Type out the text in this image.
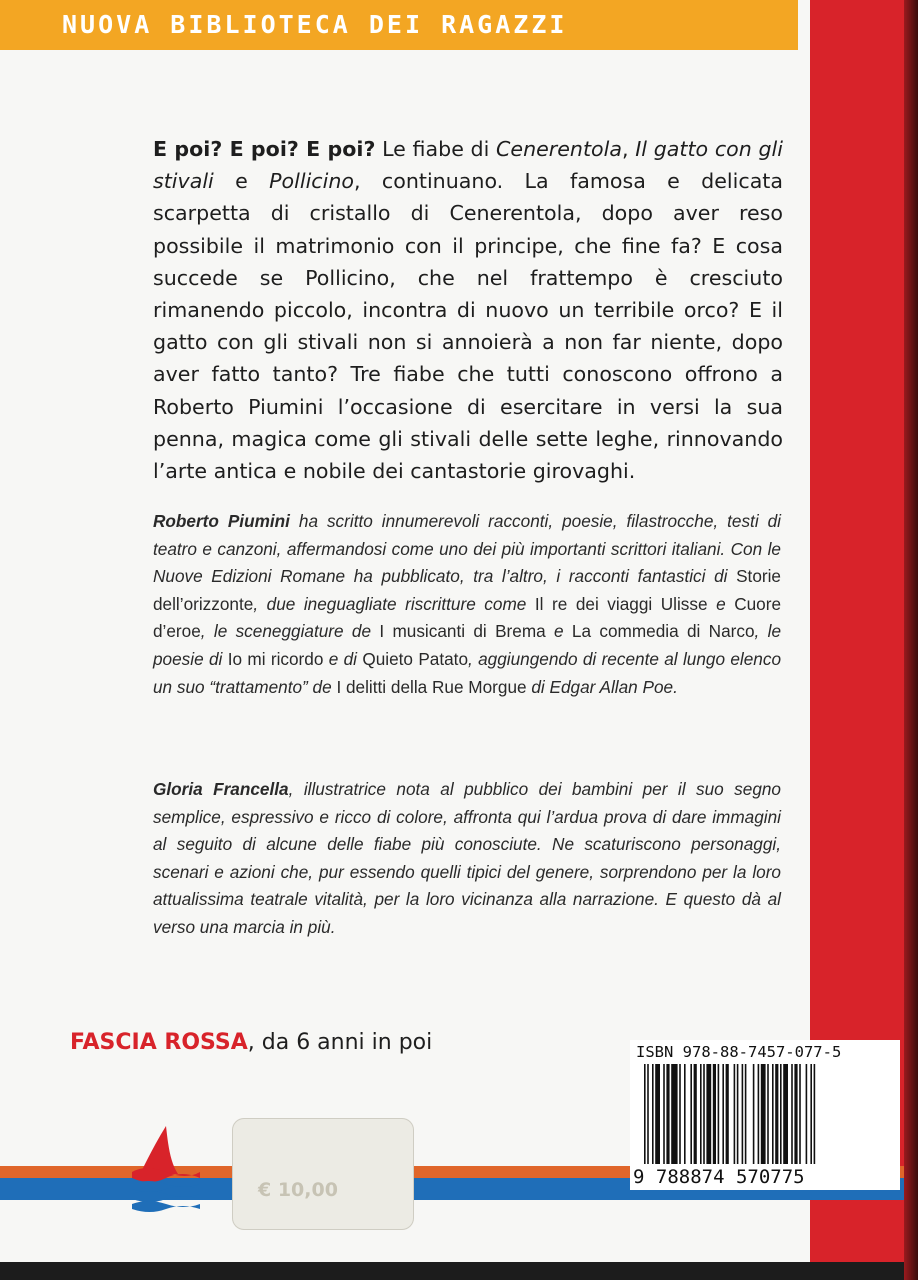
NUOVA BIBLIOTECA DEI RAGAZZI
E poi? E poi? E poi? Le fiabe di Cenerentola, Il gatto con gli stivali e Pollicino, continuano. La famosa e delicata scarpetta di cristallo di Cenerentola, dopo aver reso possibile il matrimonio con il principe, che fine fa? E cosa succede se Pollicino, che nel frattempo è cresciuto rimanendo piccolo, incontra di nuovo un terribile orco? E il gatto con gli stivali non si annoierà a non far niente, dopo aver fatto tanto? Tre fiabe che tutti conoscono offrono a Roberto Piumini l’occasione di esercitare in versi la sua penna, magica come gli stivali delle sette leghe, rinnovando l’arte antica e nobile dei cantastorie girovaghi.
Roberto Piumini ha scritto innumerevoli racconti, poesie, filastrocche, testi di teatro e canzoni, affermandosi come uno dei più importanti scrittori italiani. Con le Nuove Edizioni Romane ha pubblicato, tra l’altro, i racconti fantastici di Storie dell’orizzonte, due ineguagliate riscritture come Il re dei viaggi Ulisse e Cuore d’eroe, le sceneggiature de I musicanti di Brema e La commedia di Narco, le poesie di Io mi ricordo e di Quieto Patato, aggiungendo di recente al lungo elenco un suo “trattamento” de I delitti della Rue Morgue di Edgar Allan Poe.
Gloria Francella, illustratrice nota al pubblico dei bambini per il suo segno semplice, espressivo e ricco di colore, affronta qui l’ardua prova di dare immagini al seguito di alcune delle fiabe più conosciute. Ne scaturiscono personaggi, scenari e azioni che, pur essendo quelli tipici del genere, sorprendono per la loro attualissima teatrale vitalità, per la loro vicinanza alla narrazione. E questo dà al verso una marcia in più.
FASCIA ROSSA, da 6 anni in poi
€ 10,00
ISBN 978-88-7457-077-5
9 788874 570775
